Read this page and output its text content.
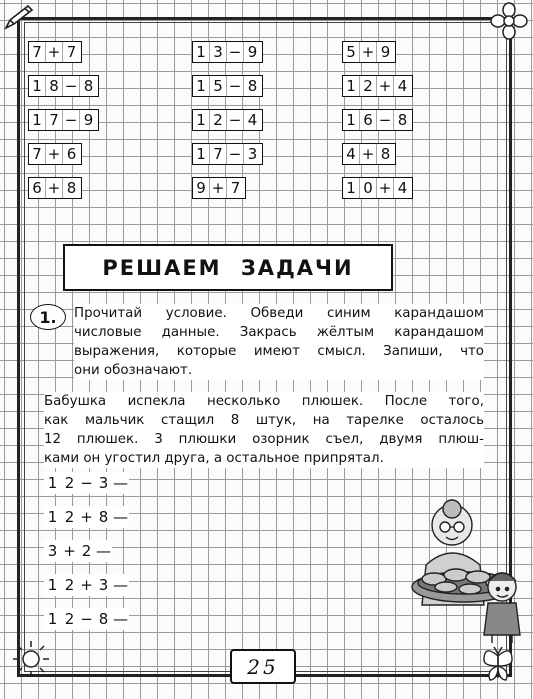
7 + 7
1 8 − 8
1 7 − 9
7 + 6
6 + 8
1 3 − 9
1 5 − 8
1 2 − 4
1 7 − 3
9 + 7
5 + 9
1 2 + 4
1 6 − 8
4 + 8
1 0 + 4
РЕШАЕМ ЗАДАЧИ
1. Прочитай условие. Обведи синим карандашом
числовые данные. Закрась жёлтым карандашом
выражения, которые имеют смысл. Запиши, что
они обозначают.
Бабушка испекла несколько плюшек. После того,
как мальчик стащил 8 штук, на тарелке осталось
12 плюшек. 3 плюшки озорник съел, двумя плюш-
ками он угостил друга, а остальное припрятал.
1 2 − 3 —
1 2 + 8 —
3 + 2 —
1 2 + 3 —
1 2 − 8 —
25
